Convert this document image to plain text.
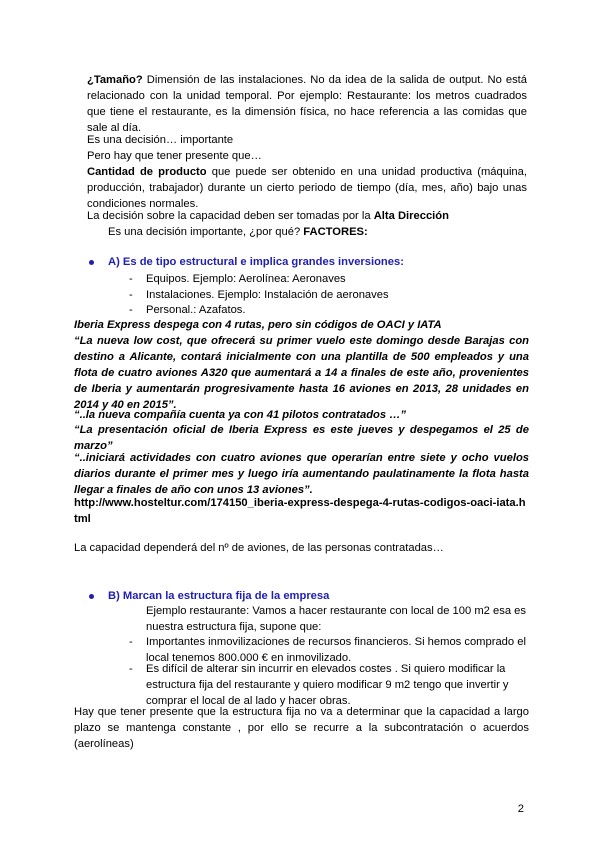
¿Tamaño? Dimensión de las instalaciones. No da idea de la salida de output. No está relacionado con la unidad temporal. Por ejemplo: Restaurante: los metros cuadrados que tiene el restaurante, es la dimensión física, no hace referencia a las comidas que sale al día.
Es una decisión… importante
Pero hay que tener presente que…
Cantidad de producto que puede ser obtenido en una unidad productiva (máquina, producción, trabajador) durante un cierto periodo de tiempo (día, mes, año) bajo unas condiciones normales.
La decisión sobre la capacidad deben ser tomadas por la Alta Dirección
Es una decisión importante, ¿por qué? FACTORES:
A) Es de tipo estructural e implica grandes inversiones:
- Equipos. Ejemplo: Aerolínea: Aeronaves
- Instalaciones. Ejemplo: Instalación de aeronaves
- Personal.: Azafatos.
Iberia Express despega con 4 rutas, pero sin códigos de OACI y IATA
“La nueva low cost, que ofrecerá su primer vuelo este domingo desde Barajas con destino a Alicante, contará inicialmente con una plantilla de 500 empleados y una flota de cuatro aviones A320 que aumentará a 14 a finales de este año, provenientes de Iberia y aumentarán progresivamente hasta 16 aviones en 2013, 28 unidades en 2014 y 40 en 2015”.
“..la nueva compañía cuenta ya con 41 pilotos contratados …”
“La presentación oficial de Iberia Express es este jueves y despegamos el 25 de marzo”
“..iniciará actividades con cuatro aviones que operarían entre siete y ocho vuelos diarios durante el primer mes y luego iría aumentando paulatinamente la flota hasta llegar a finales de año con unos 13 aviones”.
http://www.hosteltur.com/174150_iberia-express-despega-4-rutas-codigos-oaci-iata.html
La capacidad dependerá del nº de aviones, de las personas contratadas…
B) Marcan la estructura fija de la empresa
Ejemplo restaurante: Vamos a hacer restaurante con local de 100 m2 esa es nuestra estructura fija, supone que:
- Importantes inmovilizaciones de recursos financieros. Si hemos comprado el local tenemos 800.000 € en inmovilizado.
- Es difícil de alterar sin incurrir en elevados costes . Si quiero modificar la estructura fija del restaurante y quiero modificar 9 m2 tengo que invertir y comprar el local de al lado y hacer obras.
Hay que tener presente que la estructura fija no va a determinar que la capacidad a largo plazo se mantenga constante , por ello se recurre a la subcontratación o acuerdos (aerolíneas)
2
